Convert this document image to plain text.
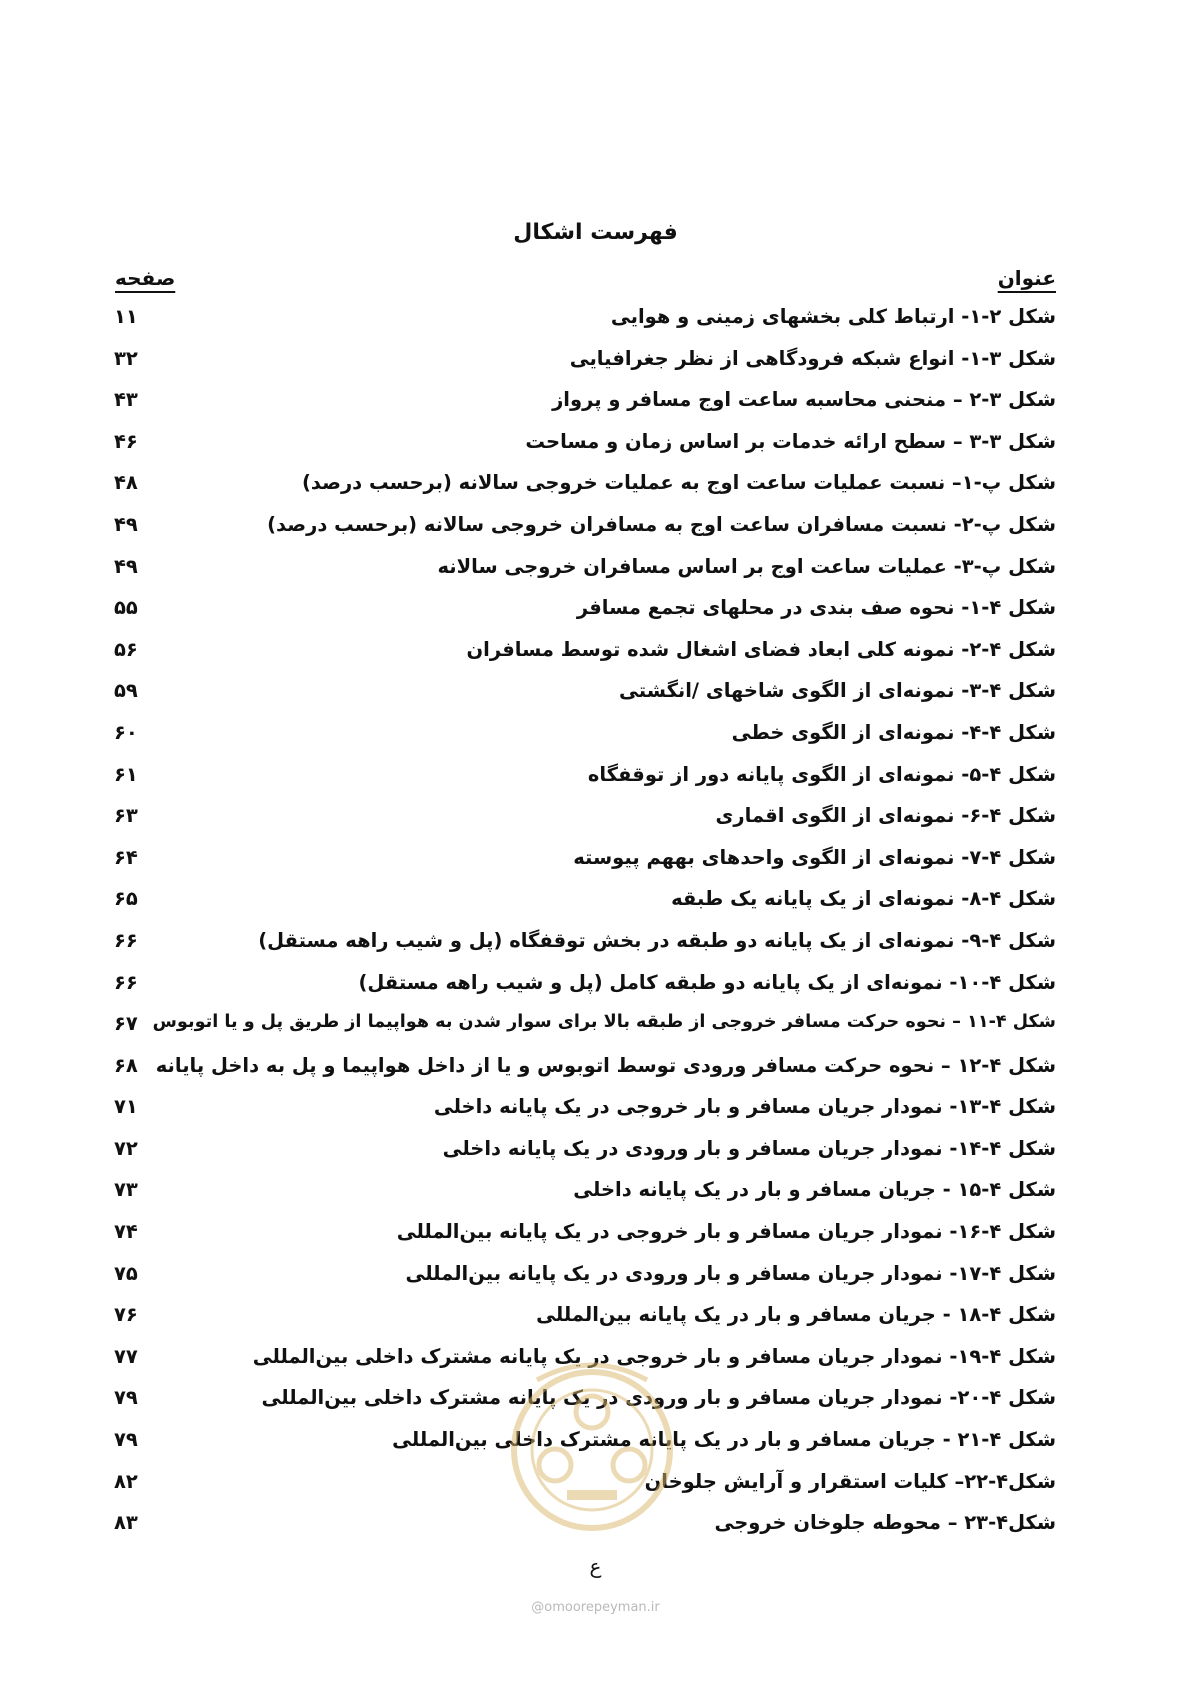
فهرست اشکال
عنوان
صفحه
شکل ۲-۱- ارتباط کلی بخشهای زمینی و هوایی
۱۱
شکل ۳-۱- انواع شبکه فرودگاهی از نظر جغرافیایی
۳۲
شکل ۳-۲ – منحنی محاسبه ساعت اوج مسافر و پرواز
۴۳
شکل ۳-۳ – سطح ارائه خدمات بر اساس زمان و مساحت
۴۶
شکل پ-۱– نسبت عملیات ساعت اوج به عملیات خروجی سالانه (برحسب درصد)
۴۸
شکل پ-۲- نسبت مسافران ساعت اوج به مسافران خروجی سالانه (برحسب درصد)
۴۹
شکل پ-۳- عملیات ساعت اوج بر اساس مسافران خروجی سالانه
۴۹
شکل ۴-۱- نحوه صف بندی در محلهای تجمع مسافر
۵۵
شکل ۴-۲- نمونه کلی ابعاد فضای اشغال شده توسط مسافران
۵۶
شکل ۴-۳- نمونه‌ای از الگوی شاخهای /انگشتی
۵۹
شکل ۴-۴- نمونه‌ای از الگوی خطی
۶۰
شکل ۴-۵- نمونه‌ای از الگوی پایانه دور از توقفگاه
۶۱
شکل ۴-۶- نمونه‌ای از الگوی اقماری
۶۳
شکل ۴-۷- نمونه‌ای از الگوی واحدهای بههم پیوسته
۶۴
شکل ۴-۸- نمونه‌ای از یک پایانه یک طبقه
۶۵
شکل ۴-۹- نمونه‌ای از یک پایانه دو طبقه در بخش توقفگاه (پل و شیب راهه مستقل)
۶۶
شکل ۴-۱۰- نمونه‌ای از یک پایانه دو طبقه کامل (پل و شیب راهه مستقل)
۶۶
شکل ۴-۱۱ – نحوه حرکت مسافر خروجی از طبقه بالا برای سوار شدن به هواپیما از طریق پل و یا اتوبوس
۶۷
شکل ۴-۱۲ – نحوه حرکت مسافر ورودی توسط اتوبوس و یا از داخل هواپیما و پل به داخل پایانه
۶۸
شکل ۴-۱۳- نمودار جریان مسافر و بار خروجی در یک پایانه داخلی
۷۱
شکل ۴-۱۴- نمودار جریان مسافر و بار ورودی در یک پایانه داخلی
۷۲
شکل ۴-۱۵ - جریان مسافر و بار در یک پایانه داخلی
۷۳
شکل ۴-۱۶- نمودار جریان مسافر و بار خروجی در یک پایانه بین‌المللی
۷۴
شکل ۴-۱۷- نمودار جریان مسافر و بار ورودی در یک پایانه بین‌المللی
۷۵
شکل ۴-۱۸ - جریان مسافر و بار در یک پایانه بین‌المللی
۷۶
شکل ۴-۱۹- نمودار جریان مسافر و بار خروجی در یک پایانه مشترک داخلی بین‌المللی
۷۷
شکل ۴-۲۰- نمودار جریان مسافر و بار ورودی در یک پایانه مشترک داخلی بین‌المللی
۷۹
شکل ۴-۲۱ - جریان مسافر و بار در یک پایانه مشترک داخلی بین‌المللی
۷۹
شکل۴-۲۲– کلیات استقرار و آرایش جلوخان
۸۲
شکل۴-۲۳ – محوطه جلوخان خروجی
۸۳
ع
@omoorepeyman.ir
